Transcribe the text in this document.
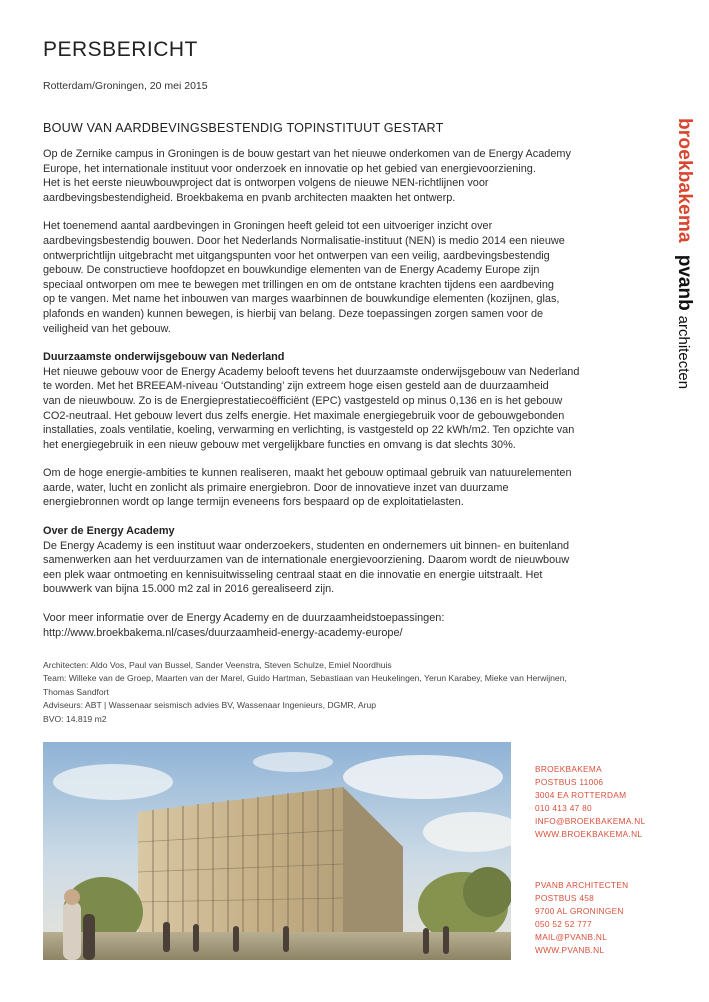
PERSBERICHT
Rotterdam/Groningen, 20 mei 2015
BOUW VAN AARDBEVINGSBESTENDIG TOPINSTITUUT GESTART

Op de Zernike campus in Groningen is de bouw gestart van het nieuwe onderkomen van de Energy Academy

Europe, het internationale instituut voor onderzoek en innovatie op het gebied van energievoorziening.

Het is het eerste nieuwbouwproject dat is ontworpen volgens de nieuwe NEN-richtlijnen voor

aardbevingsbestendigheid. Broekbakema en pvanb architecten maakten het ontwerp.

Het toenemend aantal aardbevingen in Groningen heeft geleid tot een uitvoeriger inzicht over

aardbevingsbestendig bouwen. Door het Nederlands Normalisatie-instituut (NEN) is medio 2014 een nieuwe

ontwerprichtlijn uitgebracht met uitgangspunten voor het ontwerpen van een veilig, aardbevingsbestendig

gebouw. De constructieve hoofdopzet en bouwkundige elementen van de Energy Academy Europe zijn

speciaal ontworpen om mee te bewegen met trillingen en om de ontstane krachten tijdens een aardbeving

op te vangen. Met name het inbouwen van marges waarbinnen de bouwkundige elementen (kozijnen, glas,

plafonds en wanden) kunnen bewegen, is hierbij van belang. Deze toepassingen zorgen samen voor de

veiligheid van het gebouw.

Duurzaamste onderwijsgebouw van Nederland

Het nieuwe gebouw voor de Energy Academy belooft tevens het duurzaamste onderwijsgebouw van Nederland

te worden. Met het BREEAM-niveau ‘Outstanding’ zijn extreem hoge eisen gesteld aan de duurzaamheid

van de nieuwbouw. Zo is de Energieprestatiecoëfficiënt (EPC) vastgesteld op minus 0,136 en is het gebouw

CO2-neutraal. Het gebouw levert dus zelfs energie. Het maximale energiegebruik voor de gebouwgebonden

installaties, zoals ventilatie, koeling, verwarming en verlichting, is vastgesteld op 22 kWh/m2. Ten opzichte van

het energiegebruik in een nieuw gebouw met vergelijkbare functies en omvang is dat slechts 30%.

Om de hoge energie-ambities te kunnen realiseren, maakt het gebouw optimaal gebruik van natuurelementen

aarde, water, lucht en zonlicht als primaire energiebron. Door de innovatieve inzet van duurzame

energiebronnen wordt op lange termijn eveneens fors bespaard op de exploitatielasten.

Over de Energy Academy

De Energy Academy is een instituut waar onderzoekers, studenten en ondernemers uit binnen- en buitenland

samenwerken aan het verduurzamen van de internationale energievoorziening. Daarom wordt de nieuwbouw

een plek waar ontmoeting en kennisuitwisseling centraal staat en die innovatie en energie uitstraalt. Het

bouwwerk van bijna 15.000 m2 zal in 2016 gerealiseerd zijn.

Voor meer informatie over de Energy Academy en de duurzaamheidstoepassingen:

http://www.broekbakema.nl/cases/duurzaamheid-energy-academy-europe/

Architecten: Aldo Vos, Paul van Bussel, Sander Veenstra, Steven Schulze, Emiel Noordhuis

Team: Willeke van de Groep, Maarten van der Marel, Guido Hartman, Sebastiaan van Heukelingen, Yerun Karabey, Mieke van Herwijnen,

Thomas Sandfort

Adviseurs: ABT | Wassenaar seismisch advies BV, Wassenaar Ingenieurs, DGMR, Arup

BVO: 14.819 m2

BROEKBAKEMA

POSTBUS 11006

3004 EA ROTTERDAM

010 413 47 80

INFO@BROEKBAKEMA.NL

WWW.BROEKBAKEMA.NL

PVANB ARCHITECTEN

POSTBUS 458

9700 AL GRONINGEN

050 52 52 777

MAIL@PVANB.NL

WWW.PVANB.NL

broekbakemapvanbarchitecten
